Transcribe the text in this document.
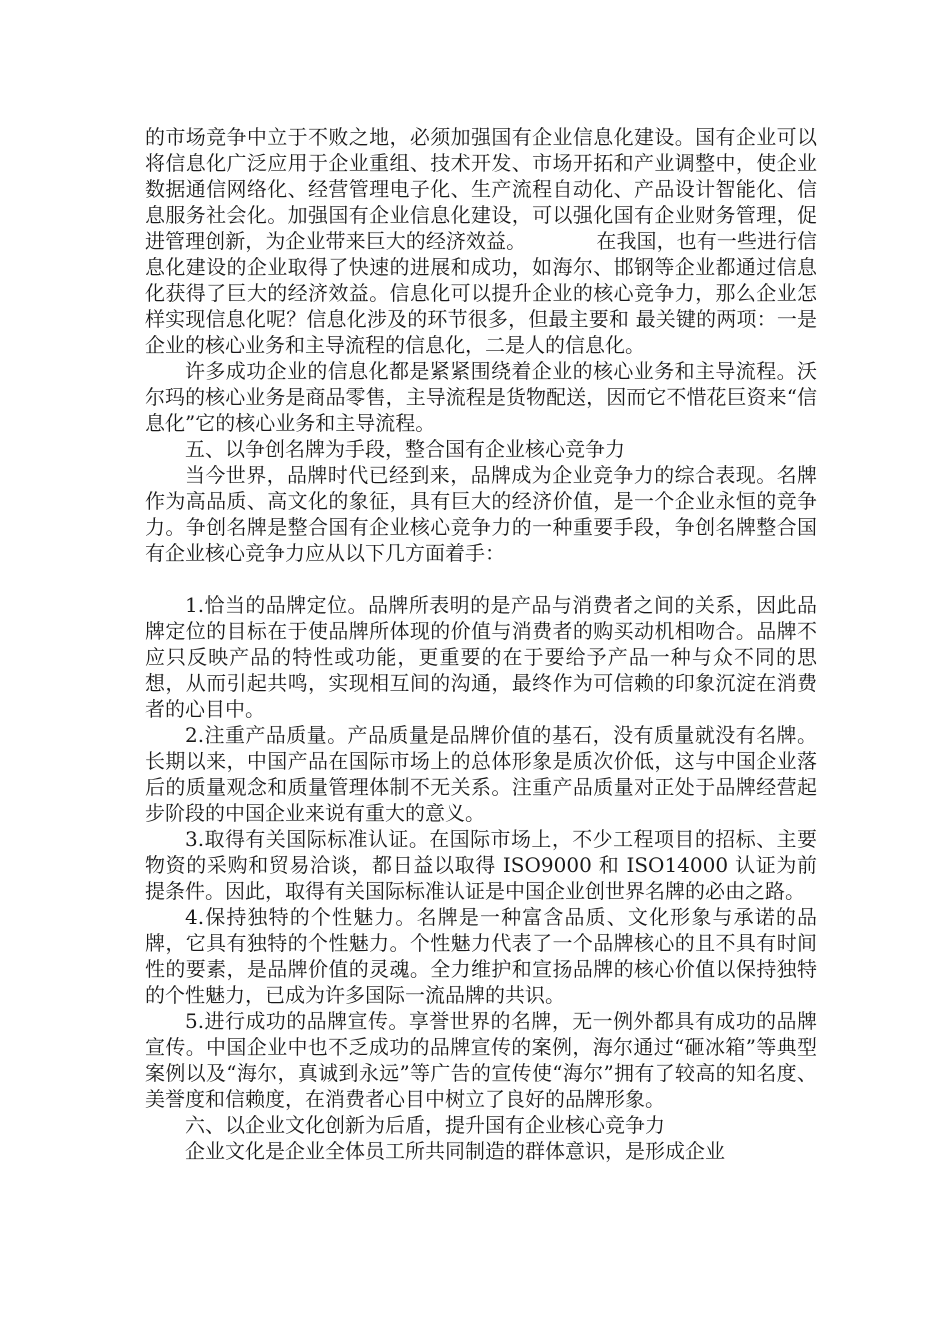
的市场竞争中立于不败之地，必须加强国有企业信息化建设。国有企业可以将信息化广泛应用于企业重组、技术开发、市场开拓和产业调整中，使企业数据通信网络化、经营管理电子化、生产流程自动化、产品设计智能化、信息服务社会化。加强国有企业信息化建设，可以强化国有企业财务管理，促进管理创新，为企业带来巨大的经济效益。　　　　在我国，也有一些进行信息化建设的企业取得了快速的进展和成功，如海尔、邯钢等企业都通过信息化获得了巨大的经济效益。信息化可以提升企业的核心竞争力，那么企业怎样实现信息化呢？信息化涉及的环节很多，但最主要和 最关键的两项：一是企业的核心业务和主导流程的信息化，二是人的信息化。

许多成功企业的信息化都是紧紧围绕着企业的核心业务和主导流程。沃尔玛的核心业务是商品零售，主导流程是货物配送，因而它不惜花巨资来“信息化”它的核心业务和主导流程。

五、以争创名牌为手段，整合国有企业核心竞争力

当今世界，品牌时代已经到来，品牌成为企业竞争力的综合表现。名牌作为高品质、高文化的象征，具有巨大的经济价值，是一个企业永恒的竞争力。争创名牌是整合国有企业核心竞争力的一种重要手段，争创名牌整合国有企业核心竞争力应从以下几方面着手：

1.恰当的品牌定位。品牌所表明的是产品与消费者之间的关系，因此品牌定位的目标在于使品牌所体现的价值与消费者的购买动机相吻合。品牌不应只反映产品的特性或功能，更重要的在于要给予产品一种与众不同的思想，从而引起共鸣，实现相互间的沟通，最终作为可信赖的印象沉淀在消费者的心目中。

2.注重产品质量。产品质量是品牌价值的基石，没有质量就没有名牌。长期以来，中国产品在国际市场上的总体形象是质次价低，这与中国企业落后的质量观念和质量管理体制不无关系。注重产品质量对正处于品牌经营起步阶段的中国企业来说有重大的意义。

3.取得有关国际标准认证。在国际市场上，不少工程项目的招标、主要物资的采购和贸易洽谈，都日益以取得 ISO9000 和 ISO14000 认证为前提条件。因此，取得有关国际标准认证是中国企业创世界名牌的必由之路。

4.保持独特的个性魅力。名牌是一种富含品质、文化形象与承诺的品牌，它具有独特的个性魅力。个性魅力代表了一个品牌核心的且不具有时间性的要素，是品牌价值的灵魂。全力维护和宣扬品牌的核心价值以保持独特的个性魅力，已成为许多国际一流品牌的共识。

5.进行成功的品牌宣传。享誉世界的名牌，无一例外都具有成功的品牌宣传。中国企业中也不乏成功的品牌宣传的案例，海尔通过“砸冰箱”等典型案例以及“海尔，真诚到永远”等广告的宣传使“海尔”拥有了较高的知名度、美誉度和信赖度，在消费者心目中树立了良好的品牌形象。

六、以企业文化创新为后盾，提升国有企业核心竞争力

企业文化是企业全体员工所共同制造的群体意识，是形成企业
